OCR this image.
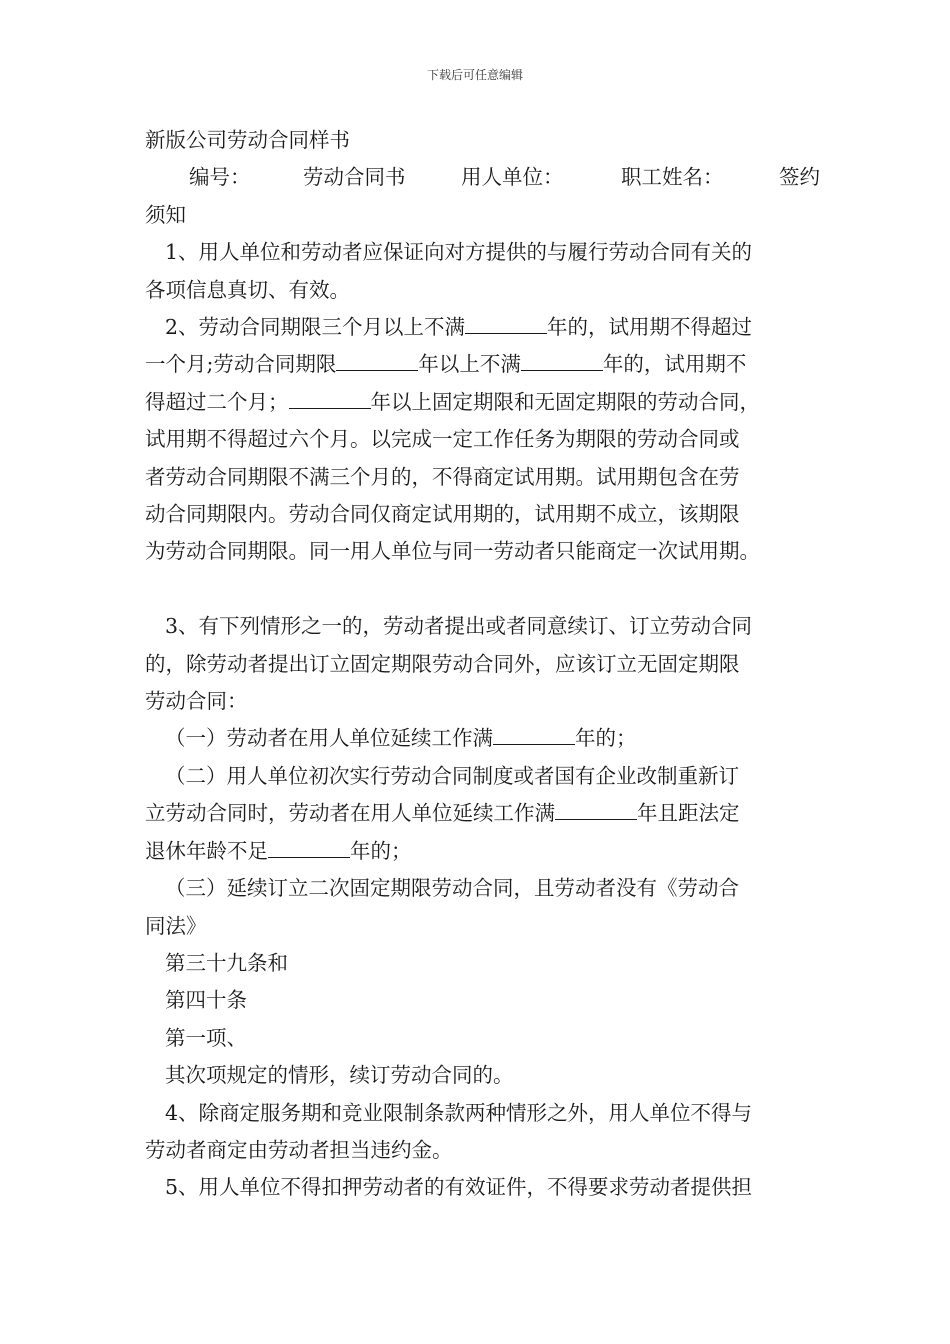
下载后可任意编辑
新版公司劳动合同样书
编号：	劳动合同书	用人单位：	职工姓名：	签约
须知
1、用人单位和劳动者应保证向对方提供的与履行劳动合同有关的
各项信息真切、有效。
2、劳动合同期限三个月以上不满	年的，试用期不得超过
一个月;劳动合同期限	年以上不满	年的，试用期不
得超过二个月；	年以上固定期限和无固定期限的劳动合同，
试用期不得超过六个月。以完成一定工作任务为期限的劳动合同或
者劳动合同期限不满三个月的，不得商定试用期。试用期包含在劳
动合同期限内。劳动合同仅商定试用期的，试用期不成立，该期限
为劳动合同期限。同一用人单位与同一劳动者只能商定一次试用期。
3、有下列情形之一的，劳动者提出或者同意续订、订立劳动合同
的，除劳动者提出订立固定期限劳动合同外，应该订立无固定期限
劳动合同：
（一）劳动者在用人单位延续工作满	年的；
（二）用人单位初次实行劳动合同制度或者国有企业改制重新订
立劳动合同时，劳动者在用人单位延续工作满	年且距法定
退休年龄不足	年的；
（三）延续订立二次固定期限劳动合同，且劳动者没有《劳动合
同法》
第三十九条和
第四十条
第一项、
其次项规定的情形，续订劳动合同的。
4、除商定服务期和竞业限制条款两种情形之外，用人单位不得与
劳动者商定由劳动者担当违约金。
5、用人单位不得扣押劳动者的有效证件，不得要求劳动者提供担
